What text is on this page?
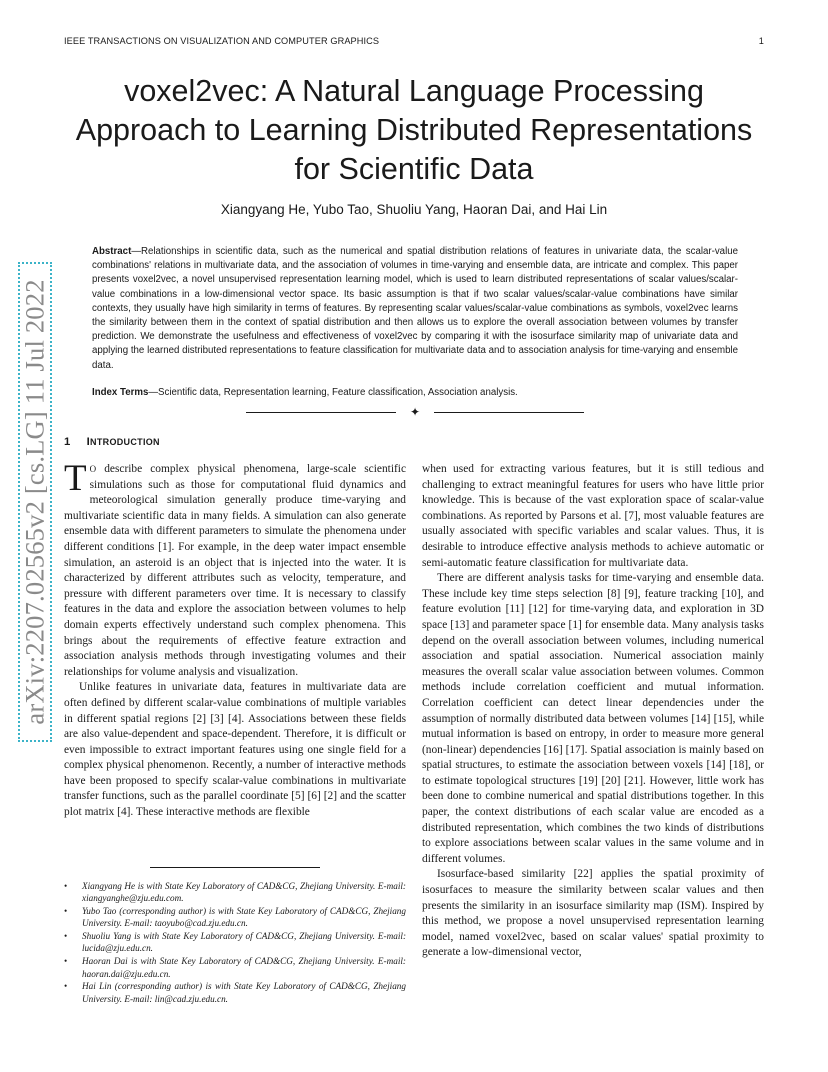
IEEE TRANSACTIONS ON VISUALIZATION AND COMPUTER GRAPHICS	1
arXiv:2207.02565v2 [cs.LG] 11 Jul 2022
voxel2vec: A Natural Language Processing Approach to Learning Distributed Representations for Scientific Data
Xiangyang He, Yubo Tao, Shuoliu Yang, Haoran Dai, and Hai Lin
Abstract—Relationships in scientific data, such as the numerical and spatial distribution relations of features in univariate data, the scalar-value combinations' relations in multivariate data, and the association of volumes in time-varying and ensemble data, are intricate and complex. This paper presents voxel2vec, a novel unsupervised representation learning model, which is used to learn distributed representations of scalar values/scalar-value combinations in a low-dimensional vector space. Its basic assumption is that if two scalar values/scalar-value combinations have similar contexts, they usually have high similarity in terms of features. By representing scalar values/scalar-value combinations as symbols, voxel2vec learns the similarity between them in the context of spatial distribution and then allows us to explore the overall association between volumes by transfer prediction. We demonstrate the usefulness and effectiveness of voxel2vec by comparing it with the isosurface similarity map of univariate data and applying the learned distributed representations to feature classification for multivariate data and to association analysis for time-varying and ensemble data.
Index Terms—Scientific data, Representation learning, Feature classification, Association analysis.
✦
1 INTRODUCTION

T O describe complex physical phenomena, large-scale scientific simulations such as those for computational fluid dynamics and meteorological simulation generally produce time-varying and multivariate scientific data in many fields. A simulation can also generate ensemble data with different parameters to simulate the phenomena under different conditions [1]. For example, in the deep water impact ensemble simulation, an asteroid is an object that is injected into the water. It is characterized by different attributes such as velocity, temperature, and pressure with different parameters over time. It is necessary to classify features in the data and explore the association between volumes to help domain experts effectively understand such complex phenomena. This brings about the requirements of effective feature extraction and association analysis methods through investigating volumes and their relationships for volume analysis and visualization.

Unlike features in univariate data, features in multivariate data are often defined by different scalar-value combinations of multiple variables in different spatial regions [2] [3] [4]. Associations between these fields are also value-dependent and space-dependent. Therefore, it is difficult or even impossible to extract important features using one single field for a complex physical phenomenon. Recently, a number of interactive methods have been proposed to specify scalar-value combinations in multivariate transfer functions, such as the parallel coordinate [5] [6] [2] and the scatter plot matrix [4]. These interactive methods are flexible

when used for extracting various features, but it is still tedious and challenging to extract meaningful features for users who have little prior knowledge. This is because of the vast exploration space of scalar-value combinations. As reported by Parsons et al. [7], most valuable features are usually associated with specific variables and scalar values. Thus, it is desirable to introduce effective analysis methods to achieve automatic or semi-automatic feature classification for multivariate data.

There are different analysis tasks for time-varying and ensemble data. These include key time steps selection [8] [9], feature tracking [10], and feature evolution [11] [12] for time-varying data, and exploration in 3D space [13] and parameter space [1] for ensemble data. Many analysis tasks depend on the overall association between volumes, including numerical association and spatial association. Numerical association mainly measures the overall scalar value association between volumes. Common methods include correlation coefficient and mutual information. Correlation coefficient can detect linear dependencies under the assumption of normally distributed data between volumes [14] [15], while mutual information is based on entropy, in order to measure more general (non-linear) dependencies [16] [17]. Spatial association is mainly based on spatial structures, to estimate the association between voxels [14] [18], or to estimate topological structures [19] [20] [21]. However, little work has been done to combine numerical and spatial distributions together. In this paper, the context distributions of each scalar value are encoded as a distributed representation, which combines the two kinds of distributions to explore associations between scalar values in the same volume and in different volumes.

Isosurface-based similarity [22] applies the spatial proximity of isosurfaces to measure the similarity between scalar values and then presents the similarity in an isosurface similarity map (ISM). Inspired by this method, we propose a novel unsupervised representation learning model, named voxel2vec, based on scalar values' spatial proximity to generate a low-dimensional vector,

• Xiangyang He is with State Key Laboratory of CAD&CG, Zhejiang University. E-mail: xiangyanghe@zju.edu.com.
• Yubo Tao (corresponding author) is with State Key Laboratory of CAD&CG, Zhejiang University. E-mail: taoyubo@cad.zju.edu.cn.
• Shuoliu Yang is with State Key Laboratory of CAD&CG, Zhejiang University. E-mail: lucida@zju.edu.cn.
• Haoran Dai is with State Key Laboratory of CAD&CG, Zhejiang University. E-mail: haoran.dai@zju.edu.cn.
• Hai Lin (corresponding author) is with State Key Laboratory of CAD&CG, Zhejiang University. E-mail: lin@cad.zju.edu.cn.
